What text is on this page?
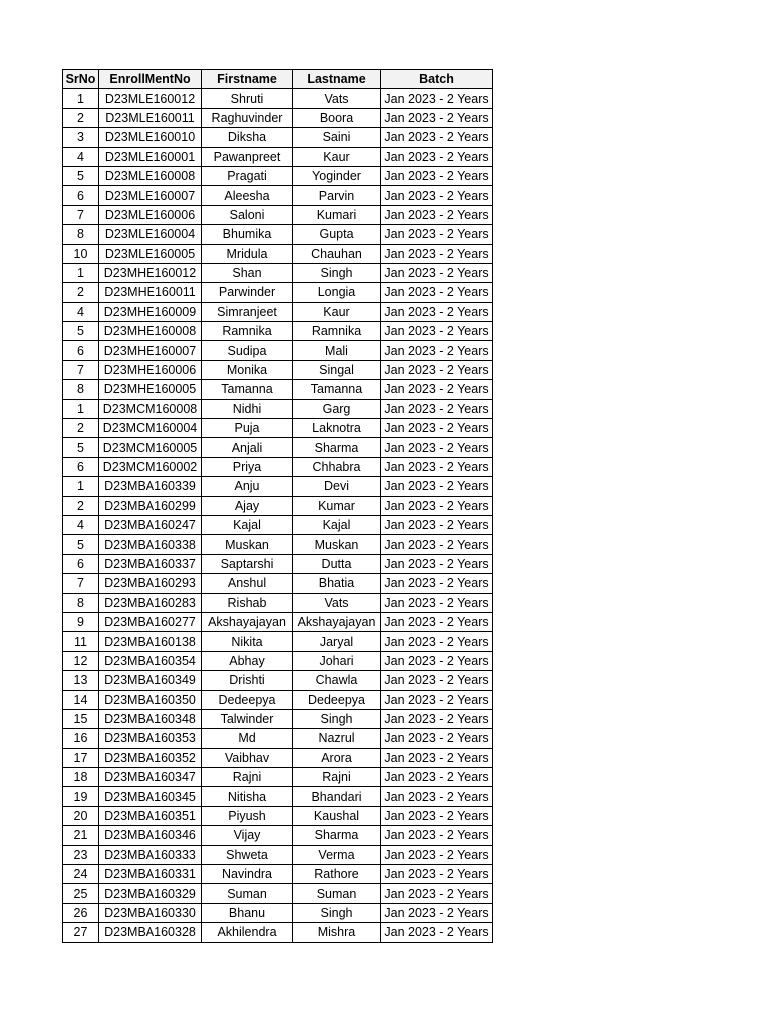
SrNo	EnrollMentNo	Firstname	Lastname	Batch
1	D23MLE160012	Shruti	Vats	Jan 2023 - 2 Years
2	D23MLE160011	Raghuvinder	Boora	Jan 2023 - 2 Years
3	D23MLE160010	Diksha	Saini	Jan 2023 - 2 Years
4	D23MLE160001	Pawanpreet	Kaur	Jan 2023 - 2 Years
5	D23MLE160008	Pragati	Yoginder	Jan 2023 - 2 Years
6	D23MLE160007	Aleesha	Parvin	Jan 2023 - 2 Years
7	D23MLE160006	Saloni	Kumari	Jan 2023 - 2 Years
8	D23MLE160004	Bhumika	Gupta	Jan 2023 - 2 Years
10	D23MLE160005	Mridula	Chauhan	Jan 2023 - 2 Years
1	D23MHE160012	Shan	Singh	Jan 2023 - 2 Years
2	D23MHE160011	Parwinder	Longia	Jan 2023 - 2 Years
4	D23MHE160009	Simranjeet	Kaur	Jan 2023 - 2 Years
5	D23MHE160008	Ramnika	Ramnika	Jan 2023 - 2 Years
6	D23MHE160007	Sudipa	Mali	Jan 2023 - 2 Years
7	D23MHE160006	Monika	Singal	Jan 2023 - 2 Years
8	D23MHE160005	Tamanna	Tamanna	Jan 2023 - 2 Years
1	D23MCM160008	Nidhi	Garg	Jan 2023 - 2 Years
2	D23MCM160004	Puja	Laknotra	Jan 2023 - 2 Years
5	D23MCM160005	Anjali	Sharma	Jan 2023 - 2 Years
6	D23MCM160002	Priya	Chhabra	Jan 2023 - 2 Years
1	D23MBA160339	Anju	Devi	Jan 2023 - 2 Years
2	D23MBA160299	Ajay	Kumar	Jan 2023 - 2 Years
4	D23MBA160247	Kajal	Kajal	Jan 2023 - 2 Years
5	D23MBA160338	Muskan	Muskan	Jan 2023 - 2 Years
6	D23MBA160337	Saptarshi	Dutta	Jan 2023 - 2 Years
7	D23MBA160293	Anshul	Bhatia	Jan 2023 - 2 Years
8	D23MBA160283	Rishab	Vats	Jan 2023 - 2 Years
9	D23MBA160277	Akshayajayan	Akshayajayan	Jan 2023 - 2 Years
11	D23MBA160138	Nikita	Jaryal	Jan 2023 - 2 Years
12	D23MBA160354	Abhay	Johari	Jan 2023 - 2 Years
13	D23MBA160349	Drishti	Chawla	Jan 2023 - 2 Years
14	D23MBA160350	Dedeepya	Dedeepya	Jan 2023 - 2 Years
15	D23MBA160348	Talwinder	Singh	Jan 2023 - 2 Years
16	D23MBA160353	Md	Nazrul	Jan 2023 - 2 Years
17	D23MBA160352	Vaibhav	Arora	Jan 2023 - 2 Years
18	D23MBA160347	Rajni	Rajni	Jan 2023 - 2 Years
19	D23MBA160345	Nitisha	Bhandari	Jan 2023 - 2 Years
20	D23MBA160351	Piyush	Kaushal	Jan 2023 - 2 Years
21	D23MBA160346	Vijay	Sharma	Jan 2023 - 2 Years
23	D23MBA160333	Shweta	Verma	Jan 2023 - 2 Years
24	D23MBA160331	Navindra	Rathore	Jan 2023 - 2 Years
25	D23MBA160329	Suman	Suman	Jan 2023 - 2 Years
26	D23MBA160330	Bhanu	Singh	Jan 2023 - 2 Years
27	D23MBA160328	Akhilendra	Mishra	Jan 2023 - 2 Years
